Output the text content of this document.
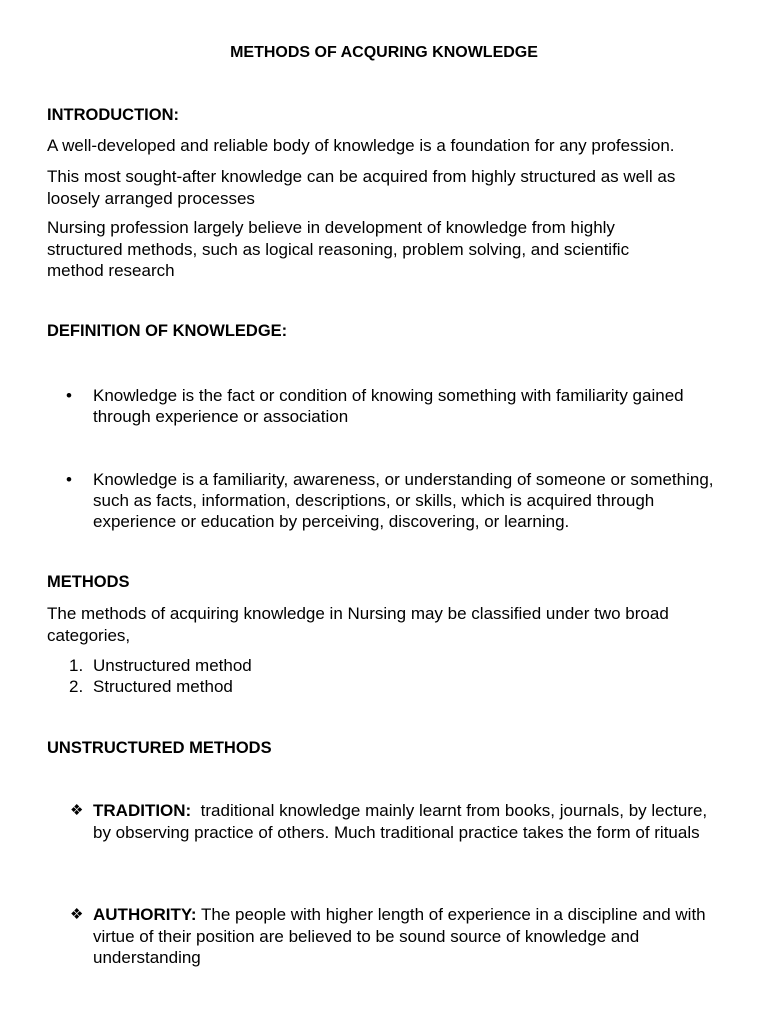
METHODS OF ACQURING KNOWLEDGE
INTRODUCTION:
A well-developed and reliable body of knowledge is a foundation for any profession.
This most sought-after knowledge can be acquired from highly structured as well as loosely arranged processes
Nursing profession largely believe in development of knowledge from highly structured methods, such as logical reasoning, problem solving, and scientific method research
DEFINITION OF KNOWLEDGE:
•	Knowledge is the fact or condition of knowing something with familiarity gained through experience or association
•	Knowledge is a familiarity, awareness, or understanding of someone or something, such as facts, information, descriptions, or skills, which is acquired through experience or education by perceiving, discovering, or learning.
METHODS
The methods of acquiring knowledge in Nursing may be classified under two broad categories,
1. Unstructured method
2. Structured method
UNSTRUCTURED METHODS
❖ TRADITION: traditional knowledge mainly learnt from books, journals, by lecture, by observing practice of others. Much traditional practice takes the form of rituals
❖ AUTHORITY: The people with higher length of experience in a discipline and with virtue of their position are believed to be sound source of knowledge and understanding
